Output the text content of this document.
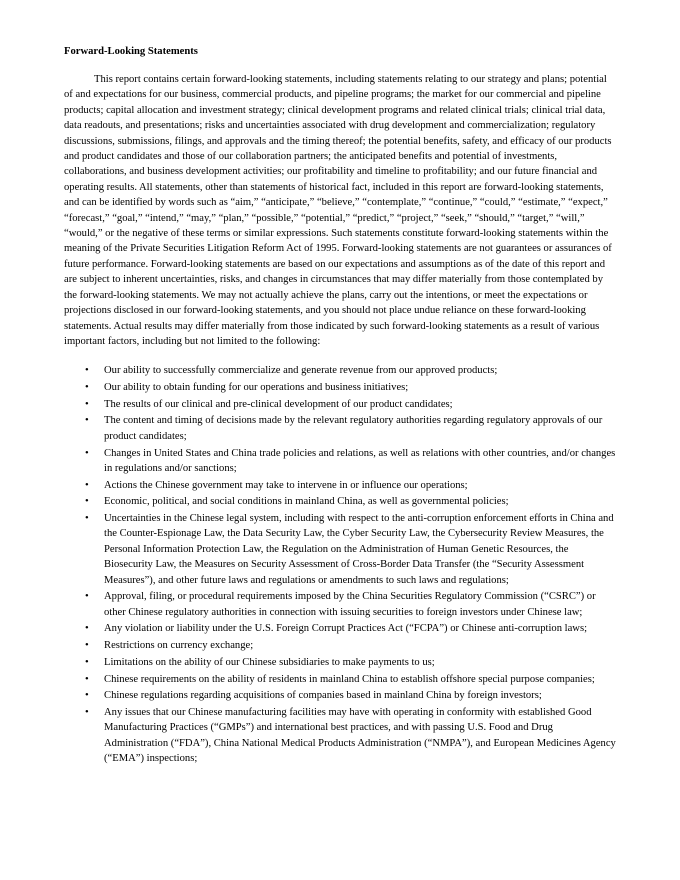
Forward-Looking Statements

This report contains certain forward-looking statements, including statements relating to our strategy and plans; potential of and expectations for our business, commercial products, and pipeline programs; the market for our commercial and pipeline products; capital allocation and investment strategy; clinical development programs and related clinical trials; clinical trial data, data readouts, and presentations; risks and uncertainties associated with drug development and commercialization; regulatory discussions, submissions, filings, and approvals and the timing thereof; the potential benefits, safety, and efficacy of our products and product candidates and those of our collaboration partners; the anticipated benefits and potential of investments, collaborations, and business development activities; our profitability and timeline to profitability; and our future financial and operating results. All statements, other than statements of historical fact, included in this report are forward-looking statements, and can be identified by words such as “aim,” “anticipate,” “believe,” “contemplate,” “continue,” “could,” “estimate,” “expect,” “forecast,” “goal,” “intend,” “may,” “plan,” “possible,” “potential,” “predict,” “project,” “seek,” “should,” “target,” “will,” “would,” or the negative of these terms or similar expressions. Such statements constitute forward-looking statements within the meaning of the Private Securities Litigation Reform Act of 1995. Forward-looking statements are not guarantees or assurances of future performance. Forward-looking statements are based on our expectations and assumptions as of the date of this report and are subject to inherent uncertainties, risks, and changes in circumstances that may differ materially from those contemplated by the forward-looking statements. We may not actually achieve the plans, carry out the intentions, or meet the expectations or projections disclosed in our forward-looking statements, and you should not place undue reliance on these forward-looking statements. Actual results may differ materially from those indicated by such forward-looking statements as a result of various important factors, including but not limited to the following:

• Our ability to successfully commercialize and generate revenue from our approved products;
• Our ability to obtain funding for our operations and business initiatives;
• The results of our clinical and pre-clinical development of our product candidates;
• The content and timing of decisions made by the relevant regulatory authorities regarding regulatory approvals of our product candidates;
• Changes in United States and China trade policies and relations, as well as relations with other countries, and/or changes in regulations and/or sanctions;
• Actions the Chinese government may take to intervene in or influence our operations;
• Economic, political, and social conditions in mainland China, as well as governmental policies;
• Uncertainties in the Chinese legal system, including with respect to the anti-corruption enforcement efforts in China and the Counter-Espionage Law, the Data Security Law, the Cyber Security Law, the Cybersecurity Review Measures, the Personal Information Protection Law, the Regulation on the Administration of Human Genetic Resources, the Biosecurity Law, the Measures on Security Assessment of Cross-Border Data Transfer (the “Security Assessment Measures”), and other future laws and regulations or amendments to such laws and regulations;
• Approval, filing, or procedural requirements imposed by the China Securities Regulatory Commission (“CSRC”) or other Chinese regulatory authorities in connection with issuing securities to foreign investors under Chinese law;
• Any violation or liability under the U.S. Foreign Corrupt Practices Act (“FCPA”) or Chinese anti-corruption laws;
• Restrictions on currency exchange;
• Limitations on the ability of our Chinese subsidiaries to make payments to us;
• Chinese requirements on the ability of residents in mainland China to establish offshore special purpose companies;
• Chinese regulations regarding acquisitions of companies based in mainland China by foreign investors;
• Any issues that our Chinese manufacturing facilities may have with operating in conformity with established Good Manufacturing Practices (“GMPs”) and international best practices, and with passing U.S. Food and Drug Administration (“FDA”), China National Medical Products Administration (“NMPA”), and European Medicines Agency (“EMA”) inspections;
